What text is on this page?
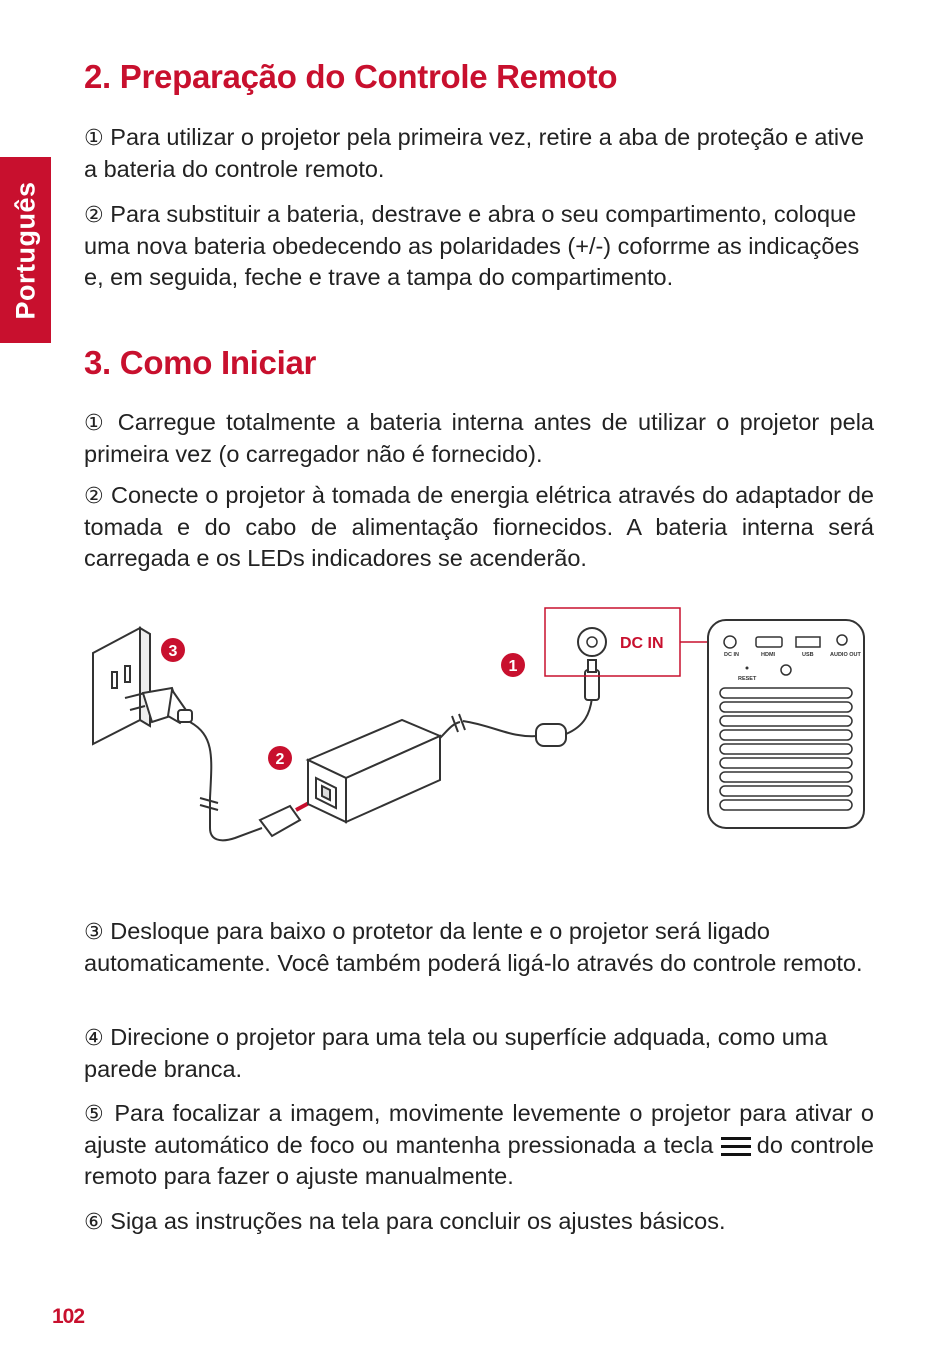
Português
2. Preparação do Controle Remoto

① Para utilizar o projetor pela primeira vez, retire a aba de proteção e ative a bateria do controle remoto.

② Para substituir a bateria, destrave e abra o seu compartimento, coloque uma nova bateria obedecendo as polaridades (+/-) coforrme as indicações e, em seguida, feche e trave a tampa do compartimento.

3. Como Iniciar

① Carregue totalmente a bateria interna antes de utilizar o projetor pela primeira vez (o carregador não é fornecido).

② Conecte o projetor à tomada de energia elétrica através do adaptador de tomada e do cabo de alimentação fiornecidos. A bateria interna será carregada e os LEDs indicadores se acenderão.

DC IN
DC IN	HDMI	USB	AUDIO OUT
RESET
3
1
2

③ Desloque para baixo o protetor da lente e o projetor será ligado automaticamente. Você também poderá ligá-lo através do controle remoto.

④ Direcione o projetor para uma tela ou superfície adquada, como uma parede branca.

⑤ Para focalizar a imagem, movimente levemente o projetor para ativar o ajuste automático de foco ou mantenha pressionada a tecla do controle remoto para fazer o ajuste manualmente.

⑥ Siga as instruções na tela para concluir os ajustes básicos.

102
